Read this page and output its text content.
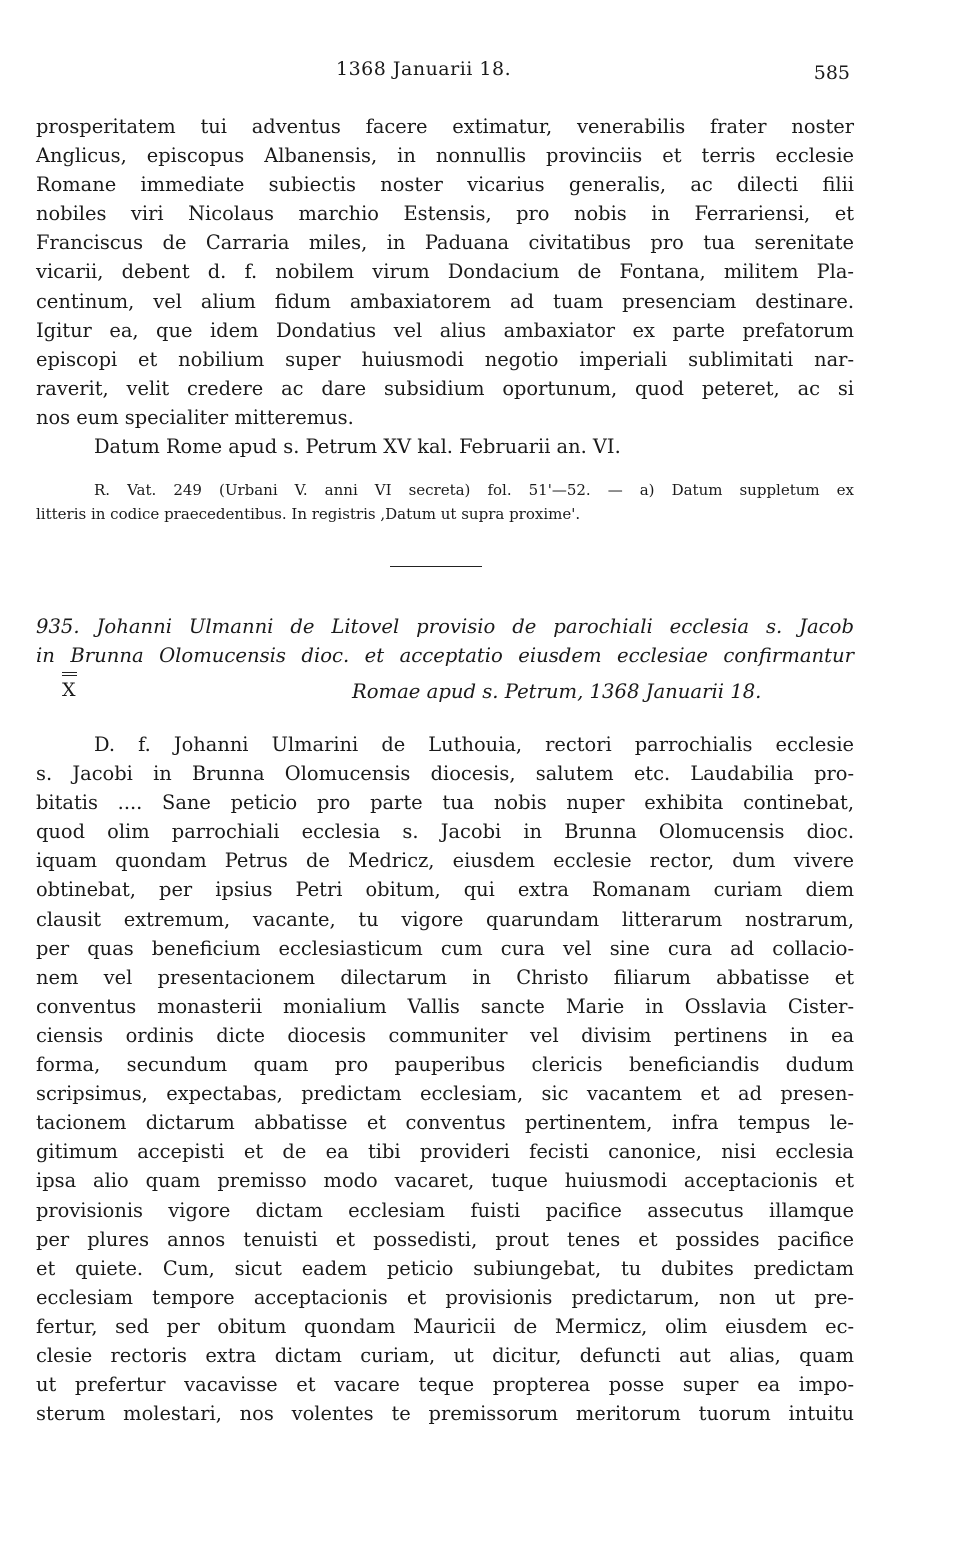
1368 Januarii 18.	585
prosperitatem tui adventus facere extimatur, venerabilis frater noster
Anglicus, episcopus Albanensis, in nonnullis provinciis et terris ecclesie
Romane immediate subiectis noster vicarius generalis, ac dilecti filii
nobiles viri Nicolaus marchio Estensis, pro nobis in Ferrariensi, et
Franciscus de Carraria miles, in Paduana civitatibus pro tua serenitate
vicarii, debent d. f. nobilem virum Dondacium de Fontana, militem Pla-
centinum, vel alium fidum ambaxiatorem ad tuam presenciam destinare.
Igitur ea, que idem Dondatius vel alius ambaxiator ex parte prefatorum
episcopi et nobilium super huiusmodi negotio imperiali sublimitati nar-
raverit, velit credere ac dare subsidium oportunum, quod peteret, ac si
nos eum specialiter mitteremus.
Datum Rome apud s. Petrum XV kal. Februarii an. VI.
R. Vat. 249 (Urbani V. anni VI secreta) fol. 51'—52. — a) Datum suppletum ex
litteris in codice praecedentibus. In registris ,Datum ut supra proxime'.
935. Johanni Ulmanni de Litovel provisio de parochiali ecclesia s. Jacob
in Brunna Olomucensis dioc. et acceptatio eiusdem ecclesiae confirmantur
X	Romae apud s. Petrum, 1368 Januarii 18.
D. f. Johanni Ulmarini de Luthouia, rectori parrochialis ecclesie
s. Jacobi in Brunna Olomucensis diocesis, salutem etc. Laudabilia pro-
bitatis .... Sane peticio pro parte tua nobis nuper exhibita continebat,
quod olim parrochiali ecclesia s. Jacobi in Brunna Olomucensis dioc.
iquam quondam Petrus de Medricz, eiusdem ecclesie rector, dum vivere
obtinebat, per ipsius Petri obitum, qui extra Romanam curiam diem
clausit extremum, vacante, tu vigore quarundam litterarum nostrarum,
per quas beneficium ecclesiasticum cum cura vel sine cura ad collacio-
nem vel presentacionem dilectarum in Christo filiarum abbatisse et
conventus monasterii monialium Vallis sancte Marie in Osslavia Cister-
ciensis ordinis dicte diocesis communiter vel divisim pertinens in ea
forma, secundum quam pro pauperibus clericis beneficiandis dudum
scripsimus, expectabas, predictam ecclesiam, sic vacantem et ad presen-
tacionem dictarum abbatisse et conventus pertinentem, infra tempus le-
gitimum accepisti et de ea tibi provideri fecisti canonice, nisi ecclesia
ipsa alio quam premisso modo vacaret, tuque huiusmodi acceptacionis et
provisionis vigore dictam ecclesiam fuisti pacifice assecutus illamque
per plures annos tenuisti et possedisti, prout tenes et possides pacifice
et quiete. Cum, sicut eadem peticio subiungebat, tu dubites predictam
ecclesiam tempore acceptacionis et provisionis predictarum, non ut pre-
fertur, sed per obitum quondam Mauricii de Mermicz, olim eiusdem ec-
clesie rectoris extra dictam curiam, ut dicitur, defuncti aut alias, quam
ut prefertur vacavisse et vacare teque propterea posse super ea impo-
sterum molestari, nos volentes te premissorum meritorum tuorum intuitu
